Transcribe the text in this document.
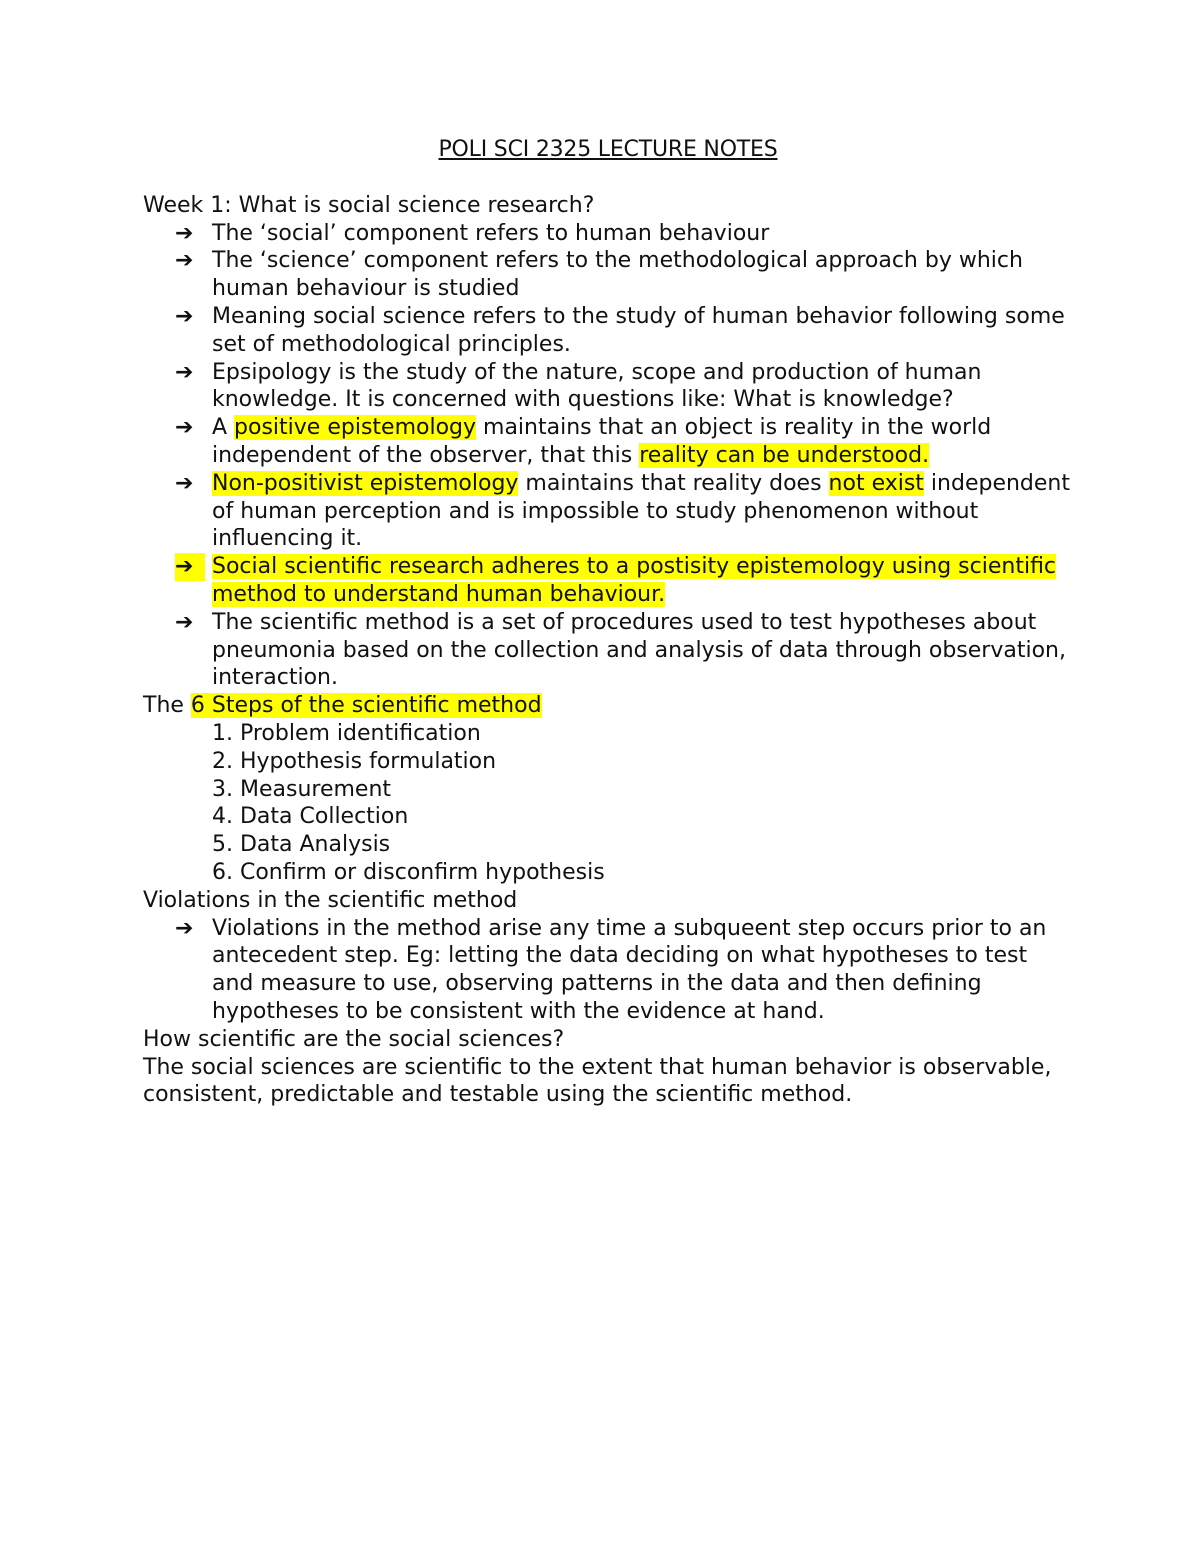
POLI SCI 2325 LECTURE NOTES

Week 1: What is social science research?

➔ The ‘social’ component refers to human behaviour
➔ The ‘science’ component refers to the methodological approach by which human behaviour is studied
➔ Meaning social science refers to the study of human behavior following some set of methodological principles.
➔ Epsipology is the study of the nature, scope and production of human knowledge. It is concerned with questions like: What is knowledge?
➔ A positive epistemology maintains that an object is reality in the world independent of the observer, that this reality can be understood.
➔ Non-positivist epistemology maintains that reality does not exist independent of human perception and is impossible to study phenomenon without influencing it.
➔ Social scientific research adheres to a postisity epistemology using scientific method to understand human behaviour.
➔ The scientific method is a set of procedures used to test hypotheses about pneumonia based on the collection and analysis of data through observation, interaction.

The 6 Steps of the scientific method

1. Problem identification
2. Hypothesis formulation
3. Measurement
4. Data Collection
5. Data Analysis
6. Confirm or disconfirm hypothesis

Violations in the scientific method

➔ Violations in the method arise any time a subqueent step occurs prior to an antecedent step. Eg: letting the data deciding on what hypotheses to test and measure to use, observing patterns in the data and then defining hypotheses to be consistent with the evidence at hand.

How scientific are the social sciences?

The social sciences are scientific to the extent that human behavior is observable, consistent, predictable and testable using the scientific method.
